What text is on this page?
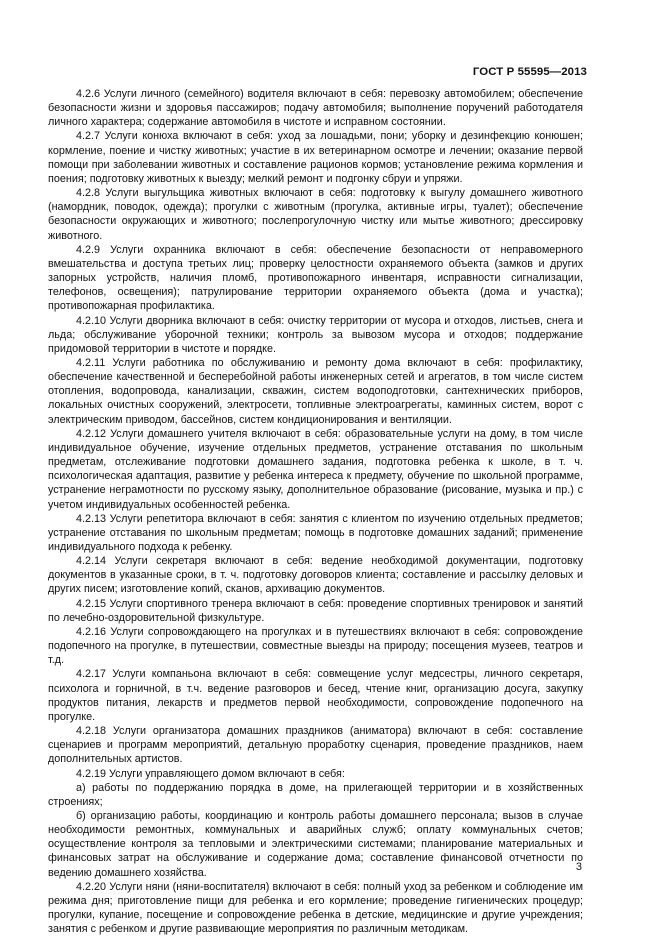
ГОСТ Р 55595—2013

4.2.6 Услуги личного (семейного) водителя включают в себя: перевозку автомобилем; обеспечение безопасности жизни и здоровья пассажиров; подачу автомобиля; выполнение поручений работодателя личного характера; содержание автомобиля в чистоте и исправном состоянии.

4.2.7 Услуги конюха включают в себя: уход за лошадьми, пони; уборку и дезинфекцию конюшен; кормление, поение и чистку животных; участие в их ветеринарном осмотре и лечении; оказание первой помощи при заболевании животных и составление рационов кормов; установление режима кормления и поения; подготовку животных к выезду; мелкий ремонт и подгонку сбруи и упряжи.

4.2.8 Услуги выгульщика животных включают в себя: подготовку к выгулу домашнего животного (намордник, поводок, одежда); прогулки с животным (прогулка, активные игры, туалет); обеспечение безопасности окружающих и животного; послепрогулочную чистку или мытье животного; дрессировку животного.

4.2.9 Услуги охранника включают в себя: обеспечение безопасности от неправомерного вмешательства и доступа третьих лиц; проверку целостности охраняемого объекта (замков и других запорных устройств, наличия пломб, противопожарного инвентаря, исправности сигнализации, телефонов, освещения); патрулирование территории охраняемого объекта (дома и участка); противопожарная профилактика.

4.2.10 Услуги дворника включают в себя: очистку территории от мусора и отходов, листьев, снега и льда; обслуживание уборочной техники; контроль за вывозом мусора и отходов; поддержание придомовой территории в чистоте и порядке.

4.2.11 Услуги работника по обслуживанию и ремонту дома включают в себя: профилактику, обеспечение качественной и бесперебойной работы инженерных сетей и агрегатов, в том числе систем отопления, водопровода, канализации, скважин, систем водоподготовки, сантехнических приборов, локальных очистных сооружений, электросети, топливные электроагрегаты, каминных систем, ворот с электрическим приводом, бассейнов, систем кондиционирования и вентиляции.

4.2.12 Услуги домашнего учителя включают в себя: образовательные услуги на дому, в том числе индивидуальное обучение, изучение отдельных предметов, устранение отставания по школьным предметам, отслеживание подготовки домашнего задания, подготовка ребенка к школе, в т. ч. психологическая адаптация, развитие у ребенка интереса к предмету, обучение по школьной программе, устранение неграмотности по русскому языку, дополнительное образование (рисование, музыка и пр.) с учетом индивидуальных особенностей ребенка.

4.2.13 Услуги репетитора включают в себя: занятия с клиентом по изучению отдельных предметов; устранение отставания по школьным предметам; помощь в подготовке домашних заданий; применение индивидуального подхода к ребенку.

4.2.14 Услуги секретаря включают в себя: ведение необходимой документации, подготовку документов в указанные сроки, в т. ч. подготовку договоров клиента; составление и рассылку деловых и других писем; изготовление копий, сканов, архивацию документов.

4.2.15 Услуги спортивного тренера включают в себя: проведение спортивных тренировок и занятий по лечебно-оздоровительной физкультуре.

4.2.16 Услуги сопровождающего на прогулках и в путешествиях включают в себя: сопровождение подопечного на прогулке, в путешествии, совместные выезды на природу; посещения музеев, театров и т.д.

4.2.17 Услуги компаньона включают в себя: совмещение услуг медсестры, личного секретаря, психолога и горничной, в т.ч. ведение разговоров и бесед, чтение книг, организацию досуга, закупку продуктов питания, лекарств и предметов первой необходимости, сопровождение подопечного на прогулке.

4.2.18 Услуги организатора домашних праздников (аниматора) включают в себя: составление сценариев и программ мероприятий, детальную проработку сценария, проведение праздников, наем дополнительных артистов.

4.2.19 Услуги управляющего домом включают в себя:

а) работы по поддержанию порядка в доме, на прилегающей территории и в хозяйственных строениях;

б) организацию работы, координацию и контроль работы домашнего персонала; вызов в случае необходимости ремонтных, коммунальных и аварийных служб; оплату коммунальных счетов; осуществление контроля за тепловыми и электрическими системами; планирование материальных и финансовых затрат на обслуживание и содержание дома; составление финансовой отчетности по ведению домашнего хозяйства.

4.2.20 Услуги няни (няни-воспитателя) включают в себя: полный уход за ребенком и соблюдение им режима дня; приготовление пищи для ребенка и его кормление; проведение гигиенических процедур; прогулки, купание, посещение и сопровождение ребенка в детские, медицинские и другие учреждения; занятия с ребенком и другие развивающие мероприятия по различным методикам.

3
